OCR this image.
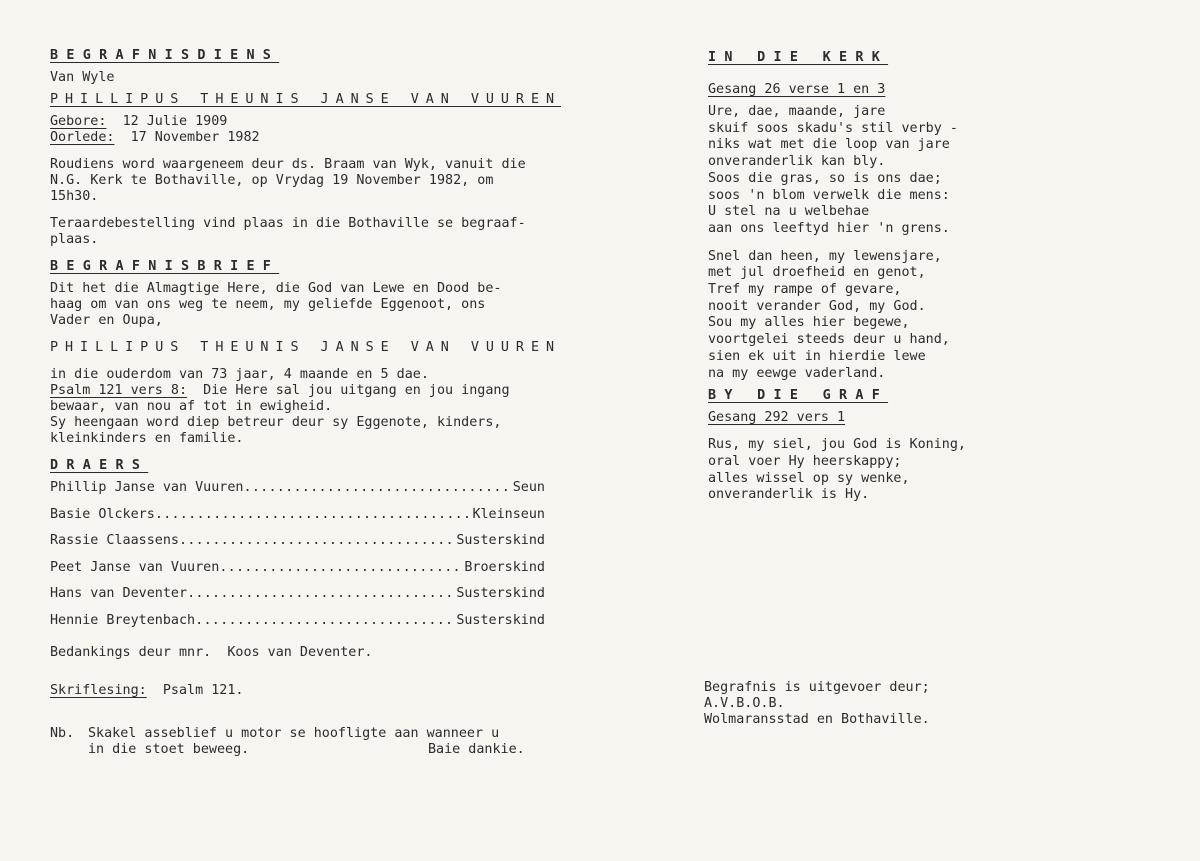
BEGRAFNISDIENS

Van Wyle

PHILLIPUS THEUNIS JANSE VAN VUUREN

Gebore: 12 Julie 1909

Oorlede: 17 November 1982

Roudiens word waargeneem deur ds. Braam van Wyk, vanuit die

N.G. Kerk te Bothaville, op Vrydag 19 November 1982, om

15h30.

Teraardebestelling vind plaas in die Bothaville se begraaf-

plaas.

BEGRAFNISBRIEF

Dit het die Almagtige Here, die God van Lewe en Dood be-

haag om van ons weg te neem, my geliefde Eggenoot, ons

Vader en Oupa,

PHILLIPUS THEUNIS JANSE VAN VUUREN

in die ouderdom van 73 jaar, 4 maande en 5 dae.

Psalm 121 vers 8:  Die Here sal jou uitgang en jou ingang

bewaar, van nou af tot in ewigheid.

Sy heengaan word diep betreur deur sy Eggenote, kinders,

kleinkinders en familie.

DRAERS

Phillip Janse van Vuuren .....	Seun
Basie Olckers .....	Kleinseun
Rassie Claassens .....	Susterskind
Peet Janse van Vuuren .....	Broerskind
Hans van Deventer .....	Susterskind
Hennie Breytenbach .....	Susterskind

Bedankings deur mnr.  Koos van Deventer.

Skriflesing:  Psalm 121.

Nb. Skakel asseblief u motor se hoofligte aan wanneer u

in die stoet beweeg.	Baie dankie.

IN DIE KERK

Gesang 26 verse 1 en 3

Ure, dae, maande, jare

skuif soos skadu's stil verby -

niks wat met die loop van jare

onveranderlik kan bly.

Soos die gras, so is ons dae;

soos 'n blom verwelk die mens:

U stel na u welbehae

aan ons leeftyd hier 'n grens.

Snel dan heen, my lewensjare,

met jul droefheid en genot,

Tref my rampe of gevare,

nooit verander God, my God.

Sou my alles hier begewe,

voortgelei steeds deur u hand,

sien ek uit in hierdie lewe

na my eewge vaderland.

BY DIE GRAF

Gesang 292 vers 1

Rus, my siel, jou God is Koning,

oral voer Hy heerskappy;

alles wissel op sy wenke,

onveranderlik is Hy.

Begrafnis is uitgevoer deur;

A.V.B.O.B.

Wolmaransstad en Bothaville.
